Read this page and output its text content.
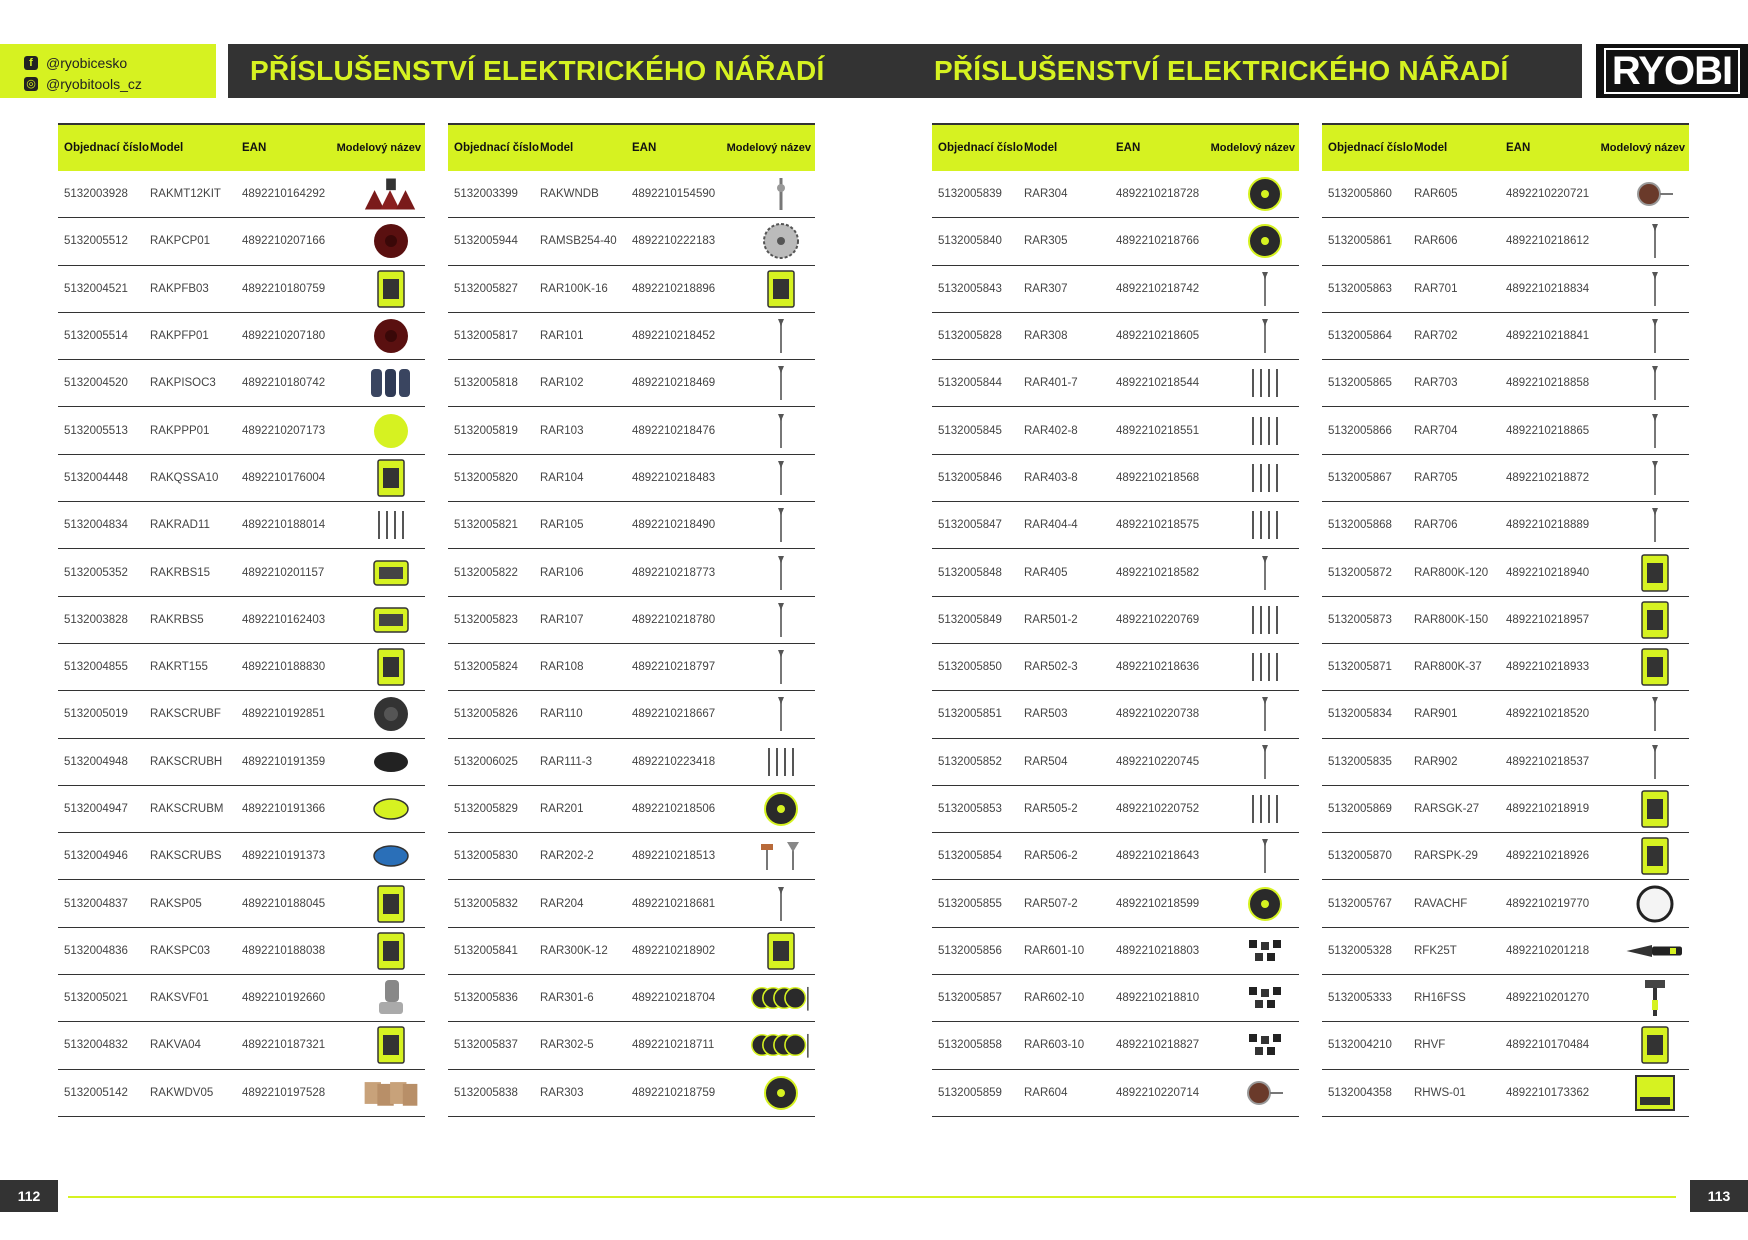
f @ryobicesko
◎ @ryobitools_cz	PŘÍSLUŠENSTVÍ ELEKTRICKÉHO NÁŘADÍ	PŘÍSLUŠENSTVÍ ELEKTRICKÉHO NÁŘADÍ	RYOBI
Objednací číslo Model	EAN	Modelový název
5132003928	RAKMT12KIT	4892210164292
5132005512	RAKPCP01	4892210207166
5132004521	RAKPFB03	4892210180759
5132005514	RAKPFP01	4892210207180
5132004520	RAKPISOC3	4892210180742
5132005513	RAKPPP01	4892210207173
5132004448	RAKQSSA10	4892210176004
5132004834	RAKRAD11	4892210188014
5132005352	RAKRBS15	4892210201157
5132003828	RAKRBS5	4892210162403
5132004855	RAKRT155	4892210188830
5132005019	RAKSCRUBF	4892210192851
5132004948	RAKSCRUBH	4892210191359
5132004947	RAKSCRUBM	4892210191366
5132004946	RAKSCRUBS	4892210191373
5132004837	RAKSP05	4892210188045
5132004836	RAKSPC03	4892210188038
5132005021	RAKSVF01	4892210192660
5132004832	RAKVA04	4892210187321
5132005142	RAKWDV05	4892210197528
Objednací číslo Model	EAN	Modelový název
5132003399	RAKWNDB	4892210154590
5132005944	RAMSB254-40	4892210222183
5132005827	RAR100K-16	4892210218896
5132005817	RAR101	4892210218452
5132005818	RAR102	4892210218469
5132005819	RAR103	4892210218476
5132005820	RAR104	4892210218483
5132005821	RAR105	4892210218490
5132005822	RAR106	4892210218773
5132005823	RAR107	4892210218780
5132005824	RAR108	4892210218797
5132005826	RAR110	4892210218667
5132006025	RAR111-3	4892210223418
5132005829	RAR201	4892210218506
5132005830	RAR202-2	4892210218513
5132005832	RAR204	4892210218681
5132005841	RAR300K-12	4892210218902
5132005836	RAR301-6	4892210218704
5132005837	RAR302-5	4892210218711
5132005838	RAR303	4892210218759
Objednací číslo Model	EAN	Modelový název
5132005839	RAR304	4892210218728
5132005840	RAR305	4892210218766
5132005843	RAR307	4892210218742
5132005828	RAR308	4892210218605
5132005844	RAR401-7	4892210218544
5132005845	RAR402-8	4892210218551
5132005846	RAR403-8	4892210218568
5132005847	RAR404-4	4892210218575
5132005848	RAR405	4892210218582
5132005849	RAR501-2	4892210220769
5132005850	RAR502-3	4892210218636
5132005851	RAR503	4892210220738
5132005852	RAR504	4892210220745
5132005853	RAR505-2	4892210220752
5132005854	RAR506-2	4892210218643
5132005855	RAR507-2	4892210218599
5132005856	RAR601-10	4892210218803
5132005857	RAR602-10	4892210218810
5132005858	RAR603-10	4892210218827
5132005859	RAR604	4892210220714
Objednací číslo Model	EAN	Modelový název
5132005860	RAR605	4892210220721
5132005861	RAR606	4892210218612
5132005863	RAR701	4892210218834
5132005864	RAR702	4892210218841
5132005865	RAR703	4892210218858
5132005866	RAR704	4892210218865
5132005867	RAR705	4892210218872
5132005868	RAR706	4892210218889
5132005872	RAR800K-120	4892210218940
5132005873	RAR800K-150	4892210218957
5132005871	RAR800K-37	4892210218933
5132005834	RAR901	4892210218520
5132005835	RAR902	4892210218537
5132005869	RARSGK-27	4892210218919
5132005870	RARSPK-29	4892210218926
5132005767	RAVACHF	4892210219770
5132005328	RFK25T	4892210201218
5132005333	RH16FSS	4892210201270
5132004210	RHVF	4892210170484
5132004358	RHWS-01	4892210173362
112	113
